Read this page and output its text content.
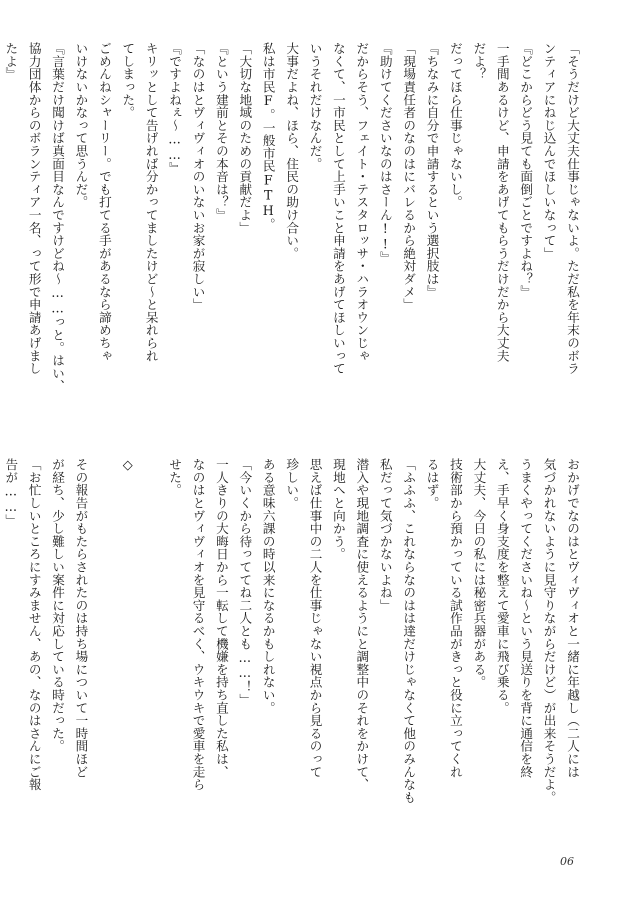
「そうだけど大丈夫仕事じゃないよ。ただ私を年末のボラ
ンティアにねじ込んでほしいなって」
『どこからどう見ても面倒ごとですよね？』
一手間あるけど、申請をあげてもらうだけだから大丈夫
だよ？
だってほら仕事じゃないし。
『ちなみに自分で申請するという選択肢は』
「現場責任者のなのはにバレるから絶対ダメ」
『助けてくださいなのはさーん!!』
だからそう、フェイト・テスタロッサ・ハラオウンじゃ
なくて、一市民として上手いこと申請をあげてほしいって
いうそれだけなんだ。
大事だよね、ほら、住民の助け合い。
私は市民F。一般市民FTH。
「大切な地域のための貢献だよ」
『という建前とその本音は？』
「なのはとヴィヴィオのいないお家が寂しい」
『ですよねぇ〜……』
キリッとして告げれば分かってましたけど〜と呆れられ
てしまった。
ごめんねシャーリー。でも打てる手があるなら諦めちゃ
いけないかなって思うんだ。
『言葉だけ聞けば真面目なんですけどね〜……っと。はい、
協力団体からのボランティア一名、って形で申請あげまし
たよ』
おかげでなのはとヴィヴィオと一緒に年越し（二人には
気づかれないように見守りながらだけど）が出来そうだよ。
うまくやってくださいね〜という見送りを背に通信を終
え、手早く身支度を整えて愛車に飛び乗る。
大丈夫、今日の私には秘密兵器がある。
技術部から預かっている試作品がきっと役に立ってくれ
るはず。
「ふふふ、これならなのはは達だけじゃなくて他のみんなも
私だって気づかないよね」
潜入や現地調査に使えるようにと調整中のそれをかけて、
現地へと向かう。
思えば仕事中の二人を仕事じゃない視点から見るのって
珍しい。
ある意味六課の時以来になるかもしれない。
「今いくから待っててね二人とも……！」
一人きりの大晦日から一転して機嫌を持ち直した私は、
なのはとヴィヴィオを見守るべく、ウキウキで愛車を走ら
せた。

◇

その報告がもたらされたのは持ち場について一時間ほど
が経ち、少し難しい案件に対応している時だった。
「お忙しいところにすみません、あの、なのはさんにご報
告が……」
06
